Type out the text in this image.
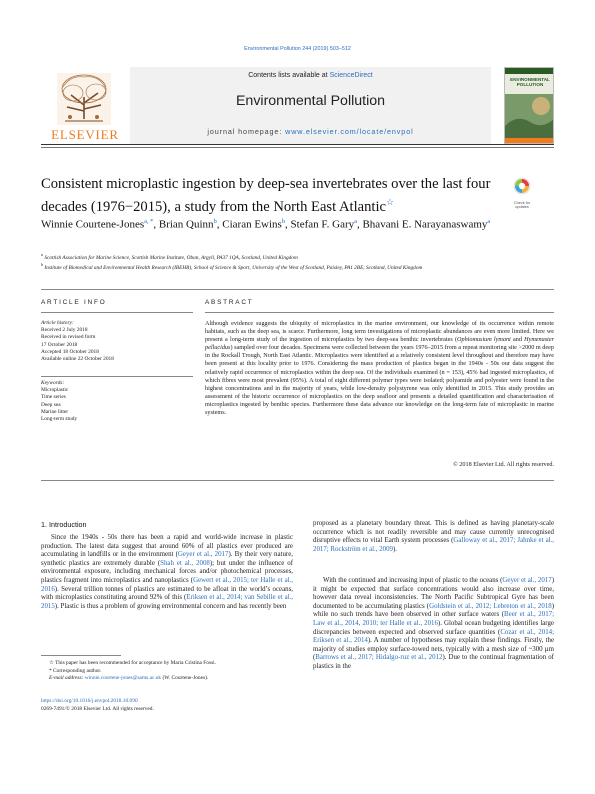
Environmental Pollution 244 (2019) 503–512
ELSEVIER
Contents lists available at ScienceDirect
Environmental Pollution
journal homepage: www.elsevier.com/locate/envpol
ENVIRONMENTAL POLLUTION
Consistent microplastic ingestion by deep-sea invertebrates over the last four decades (1976−2015), a study from the North East Atlantic☆	Check for updates
Winnie Courtene-Jones$^{a, *}$, Brian Quinn$^b$, Ciaran Ewins$^b$, Stefan F. Gary$^a$, Bhavani E. Narayanaswamy$^a$
$^a$ Scottish Association for Marine Science, Scottish Marine Institute, Oban, Argyll, PA37 1QA, Scotland, United Kingdom
$^b$ Institute of Biomedical and Environmental Health Research (IBEHR), School of Science & Sport, University of the West of Scotland, Paisley, PA1 2BE, Scotland, United Kingdom
ARTICLE INFO	ABSTRACT
Article history:
Received 2 July 2018
Received in revised form
17 October 2018
Accepted 18 October 2018
Available online 22 October 2018
Keywords:
Microplastic
Time series
Deep sea
Marine litter
Long-term study
Although evidence suggests the ubiquity of microplastics in the marine environment, our knowledge of its occurrence within remote habitats, such as the deep sea, is scarce. Furthermore, long term investigations of microplastic abundances are even more limited. Here we present a long-term study of the ingestion of microplastics by two deep-sea benthic invertebrates (Ophiomusium lymani and Hymenaster pellucidus) sampled over four decades. Specimens were collected between the years 1976–2015 from a repeat monitoring site >2000 m deep in the Rockall Trough, North East Atlantic. Microplastics were identified at a relatively consistent level throughout and therefore may have been present at this locality prior to 1976. Considering the mass production of plastics began in the 1940s - 50s our data suggest the relatively rapid occurrence of microplastics within the deep sea. Of the individuals examined (n = 153), 45% had ingested microplastics, of which fibres were most prevalent (95%). A total of eight different polymer types were isolated; polyamide and polyester were found in the highest concentrations and in the majority of years, while low-density polystyrene was only identified in 2015. This study provides an assessment of the historic occurrence of microplastics on the deep seafloor and presents a detailed quantification and characterisation of microplastics ingested by benthic species. Furthermore these data advance our knowledge on the long-term fate of microplastic in marine systems.
© 2018 Elsevier Ltd. All rights reserved.
1. Introduction
Since the 1940s - 50s there has been a rapid and world-wide increase in plastic production. The latest data suggest that around 60% of all plastics ever produced are accumulating in landfills or in the environment (Geyer et al., 2017). By their very nature, synthetic plastics are extremely durable (Shah et al., 2008); but under the influence of environmental exposure, including mechanical forces and/or photochemical processes, plastics fragment into microplastics and nanoplastics (Gewert et al., 2015; ter Halle et al., 2016). Several trillion tonnes of plastics are estimated to be afloat in the world’s oceans, with microplastics constituting around 92% of this (Eriksen et al., 2014; van Sebille et al., 2015). Plastic is thus a problem of growing environmental concern and has recently been
proposed as a planetary boundary threat. This is defined as having planetary-scale occurrence which is not readily reversible and may cause currently unrecognised disruptive effects to vital Earth system processes (Galloway et al., 2017; Jahnke et al., 2017; Rockström et al., 2009).
With the continued and increasing input of plastic to the oceans (Geyer et al., 2017) it might be expected that surface concentrations would also increase over time, however data reveal inconsistencies. The North Pacific Subtropical Gyre has been documented to be accumulating plastics (Goldstein et al., 2012; Lebreton et al., 2018) while no such trends have been observed in other surface waters (Beer et al., 2017; Law et al., 2014, 2010; ter Halle et al., 2016). Global ocean budgeting identifies large discrepancies between expected and observed surface quantities (Cozar et al., 2014; Eriksen et al., 2014). A number of hypotheses may explain these findings. Firstly, the majority of studies employ surface-towed nets, typically with a mesh size of ~300 µm (Barrows et al., 2017; Hidalgo-ruz et al., 2012). Due to the continual fragmentation of plastics in the
☆ This paper has been recommended for acceptance by Maria Cristina Fossi.
* Corresponding author.
E-mail address: winnie.courtene-jones@sams.ac.uk (W. Courtene-Jones).
https://doi.org/10.1016/j.envpol.2018.10.090
0269-7491/© 2018 Elsevier Ltd. All rights reserved.
